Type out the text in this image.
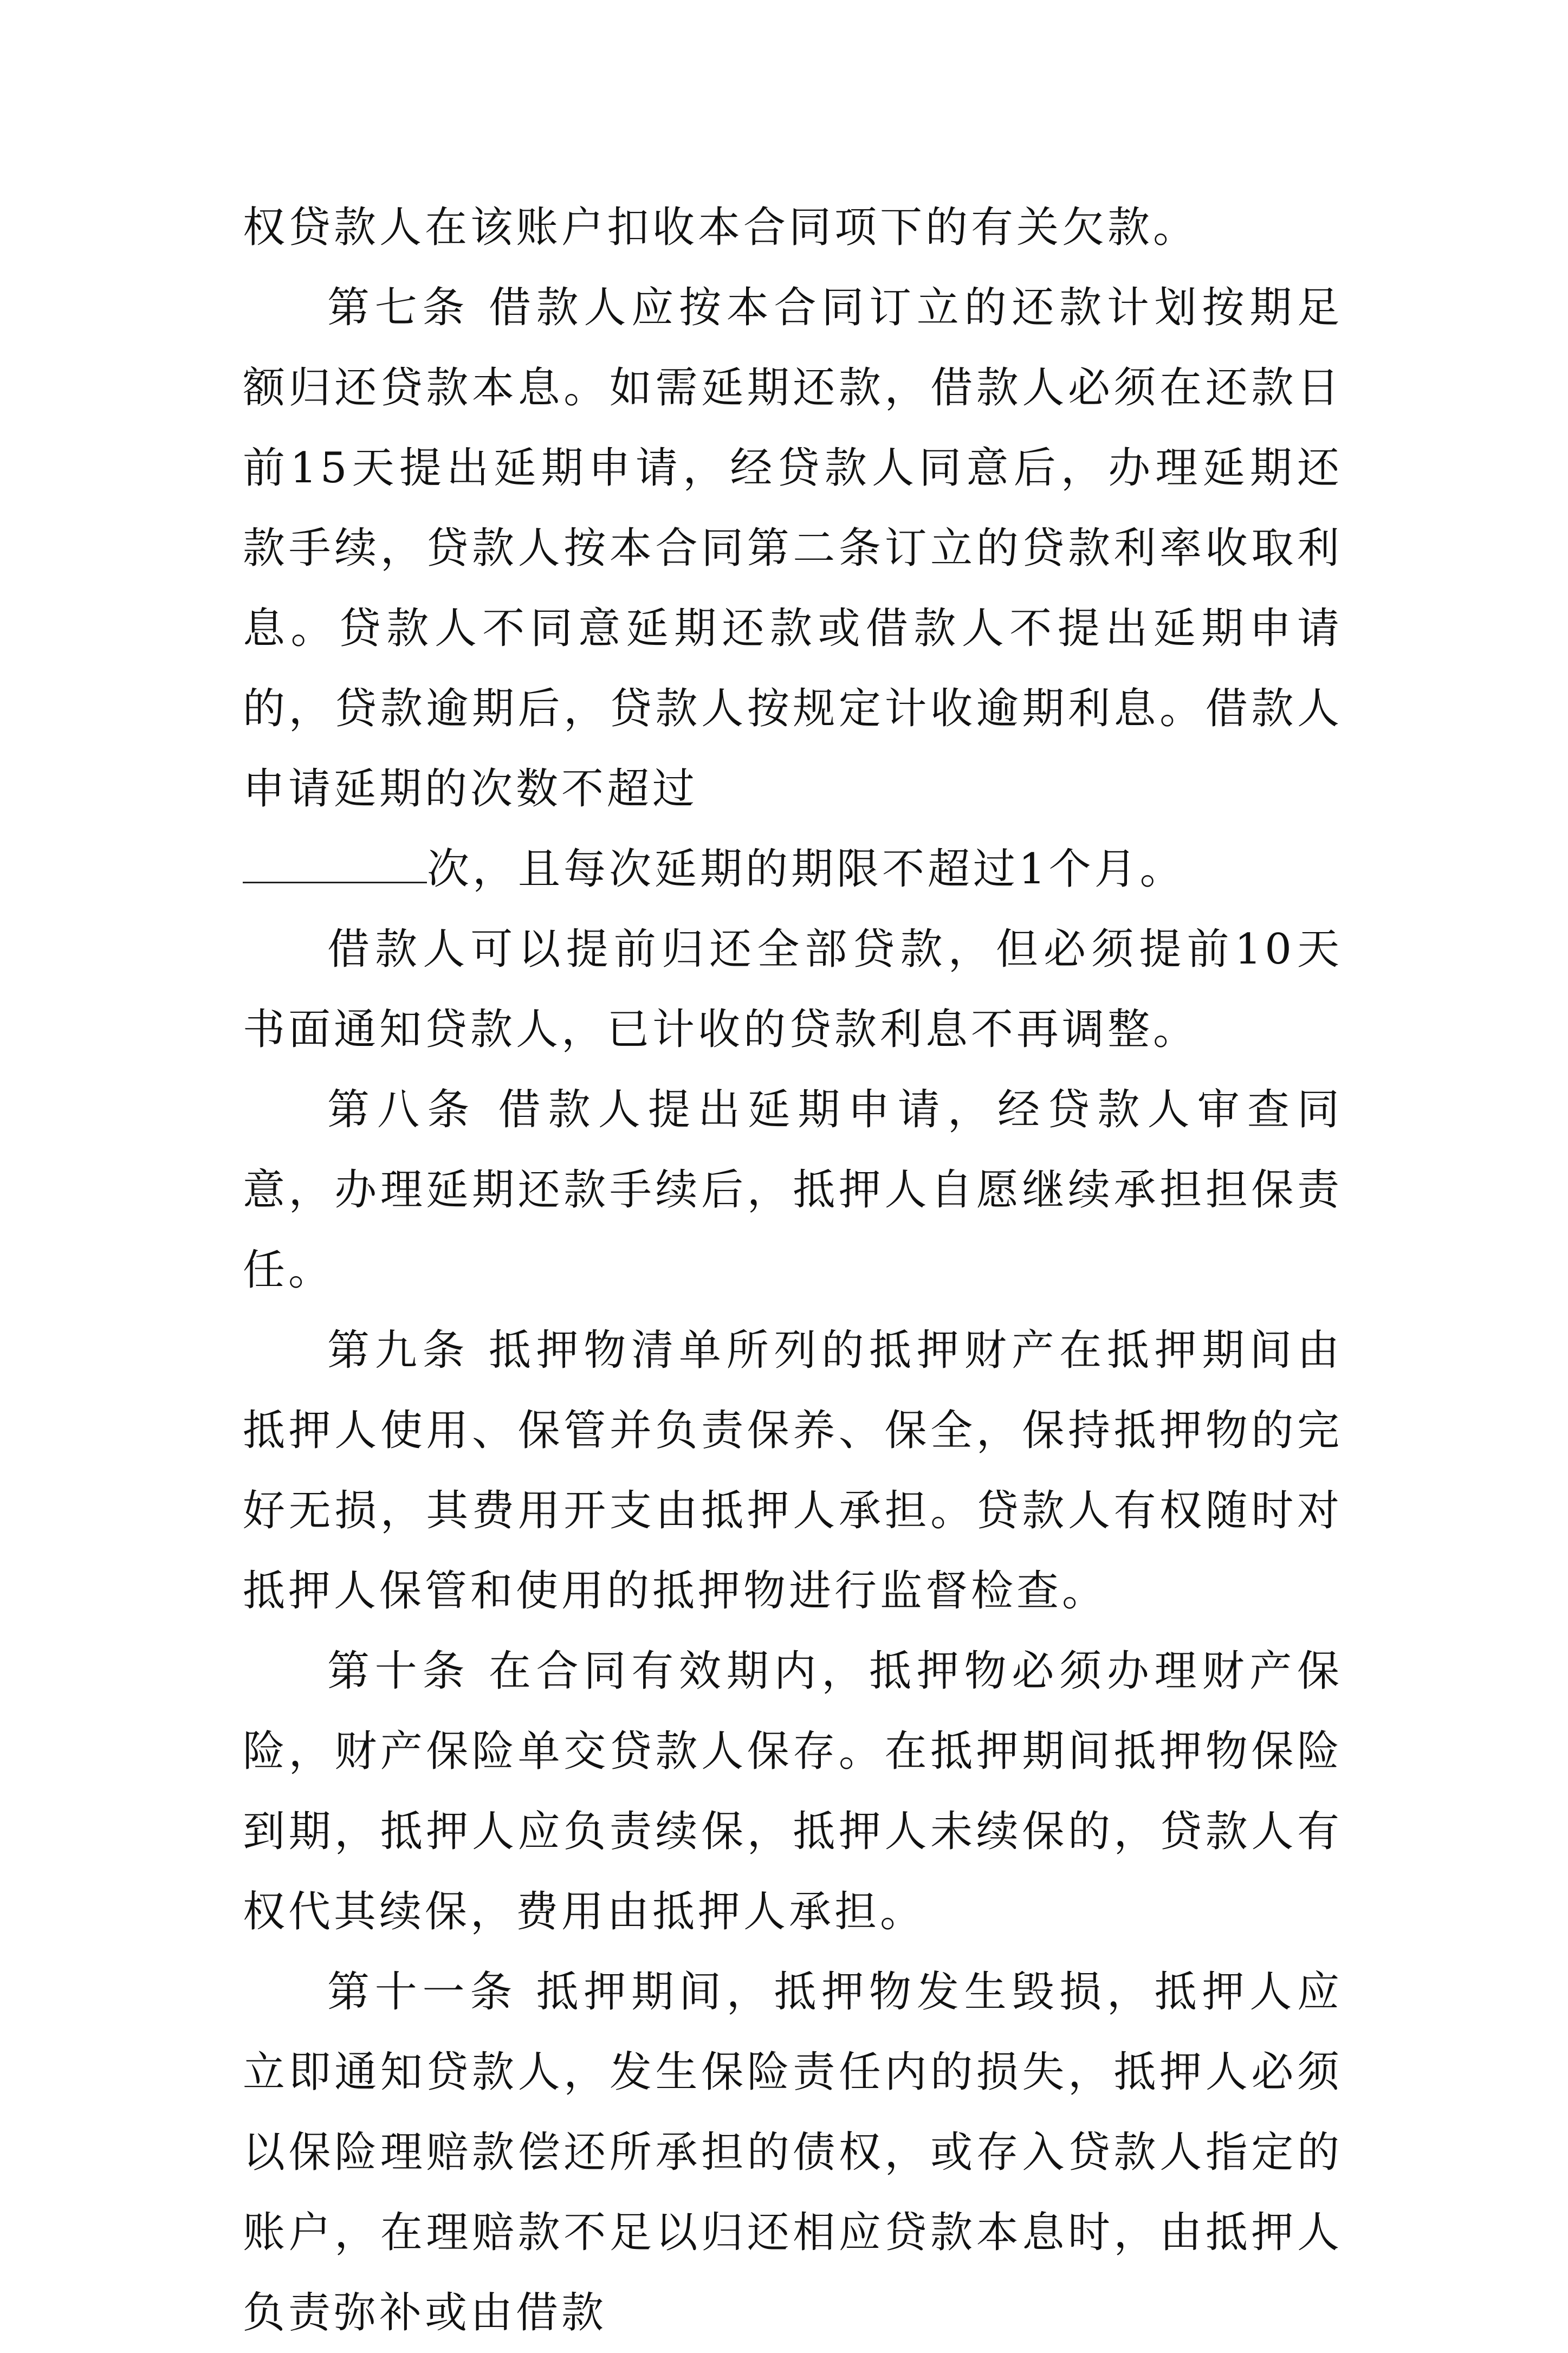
权贷款人在该账户扣收本合同项下的有关欠款。

第七条 借款人应按本合同订立的还款计划按期足额归还贷款本息。如需延期还款，借款人必须在还款日前15天提出延期申请，经贷款人同意后，办理延期还款手续，贷款人按本合同第二条订立的贷款利率收取利息。贷款人不同意延期还款或借款人不提出延期申请的，贷款逾期后，贷款人按规定计收逾期利息。借款人申请延期的次数不超过
次，且每次延期的期限不超过1个月。

借款人可以提前归还全部贷款，但必须提前10天书面通知贷款人，已计收的贷款利息不再调整。

第八条 借款人提出延期申请，经贷款人审查同意，办理延期还款手续后，抵押人自愿继续承担担保责任。

第九条 抵押物清单所列的抵押财产在抵押期间由抵押人使用、保管并负责保养、保全，保持抵押物的完好无损，其费用开支由抵押人承担。贷款人有权随时对抵押人保管和使用的抵押物进行监督检查。

第十条 在合同有效期内，抵押物必须办理财产保险，财产保险单交贷款人保存。在抵押期间抵押物保险到期，抵押人应负责续保，抵押人未续保的，贷款人有权代其续保，费用由抵押人承担。

第十一条 抵押期间，抵押物发生毁损，抵押人应立即通知贷款人，发生保险责任内的损失，抵押人必须以保险理赔款偿还所承担的债权，或存入贷款人指定的账户，在理赔款不足以归还相应贷款本息时，由抵押人负责弥补或由借款
